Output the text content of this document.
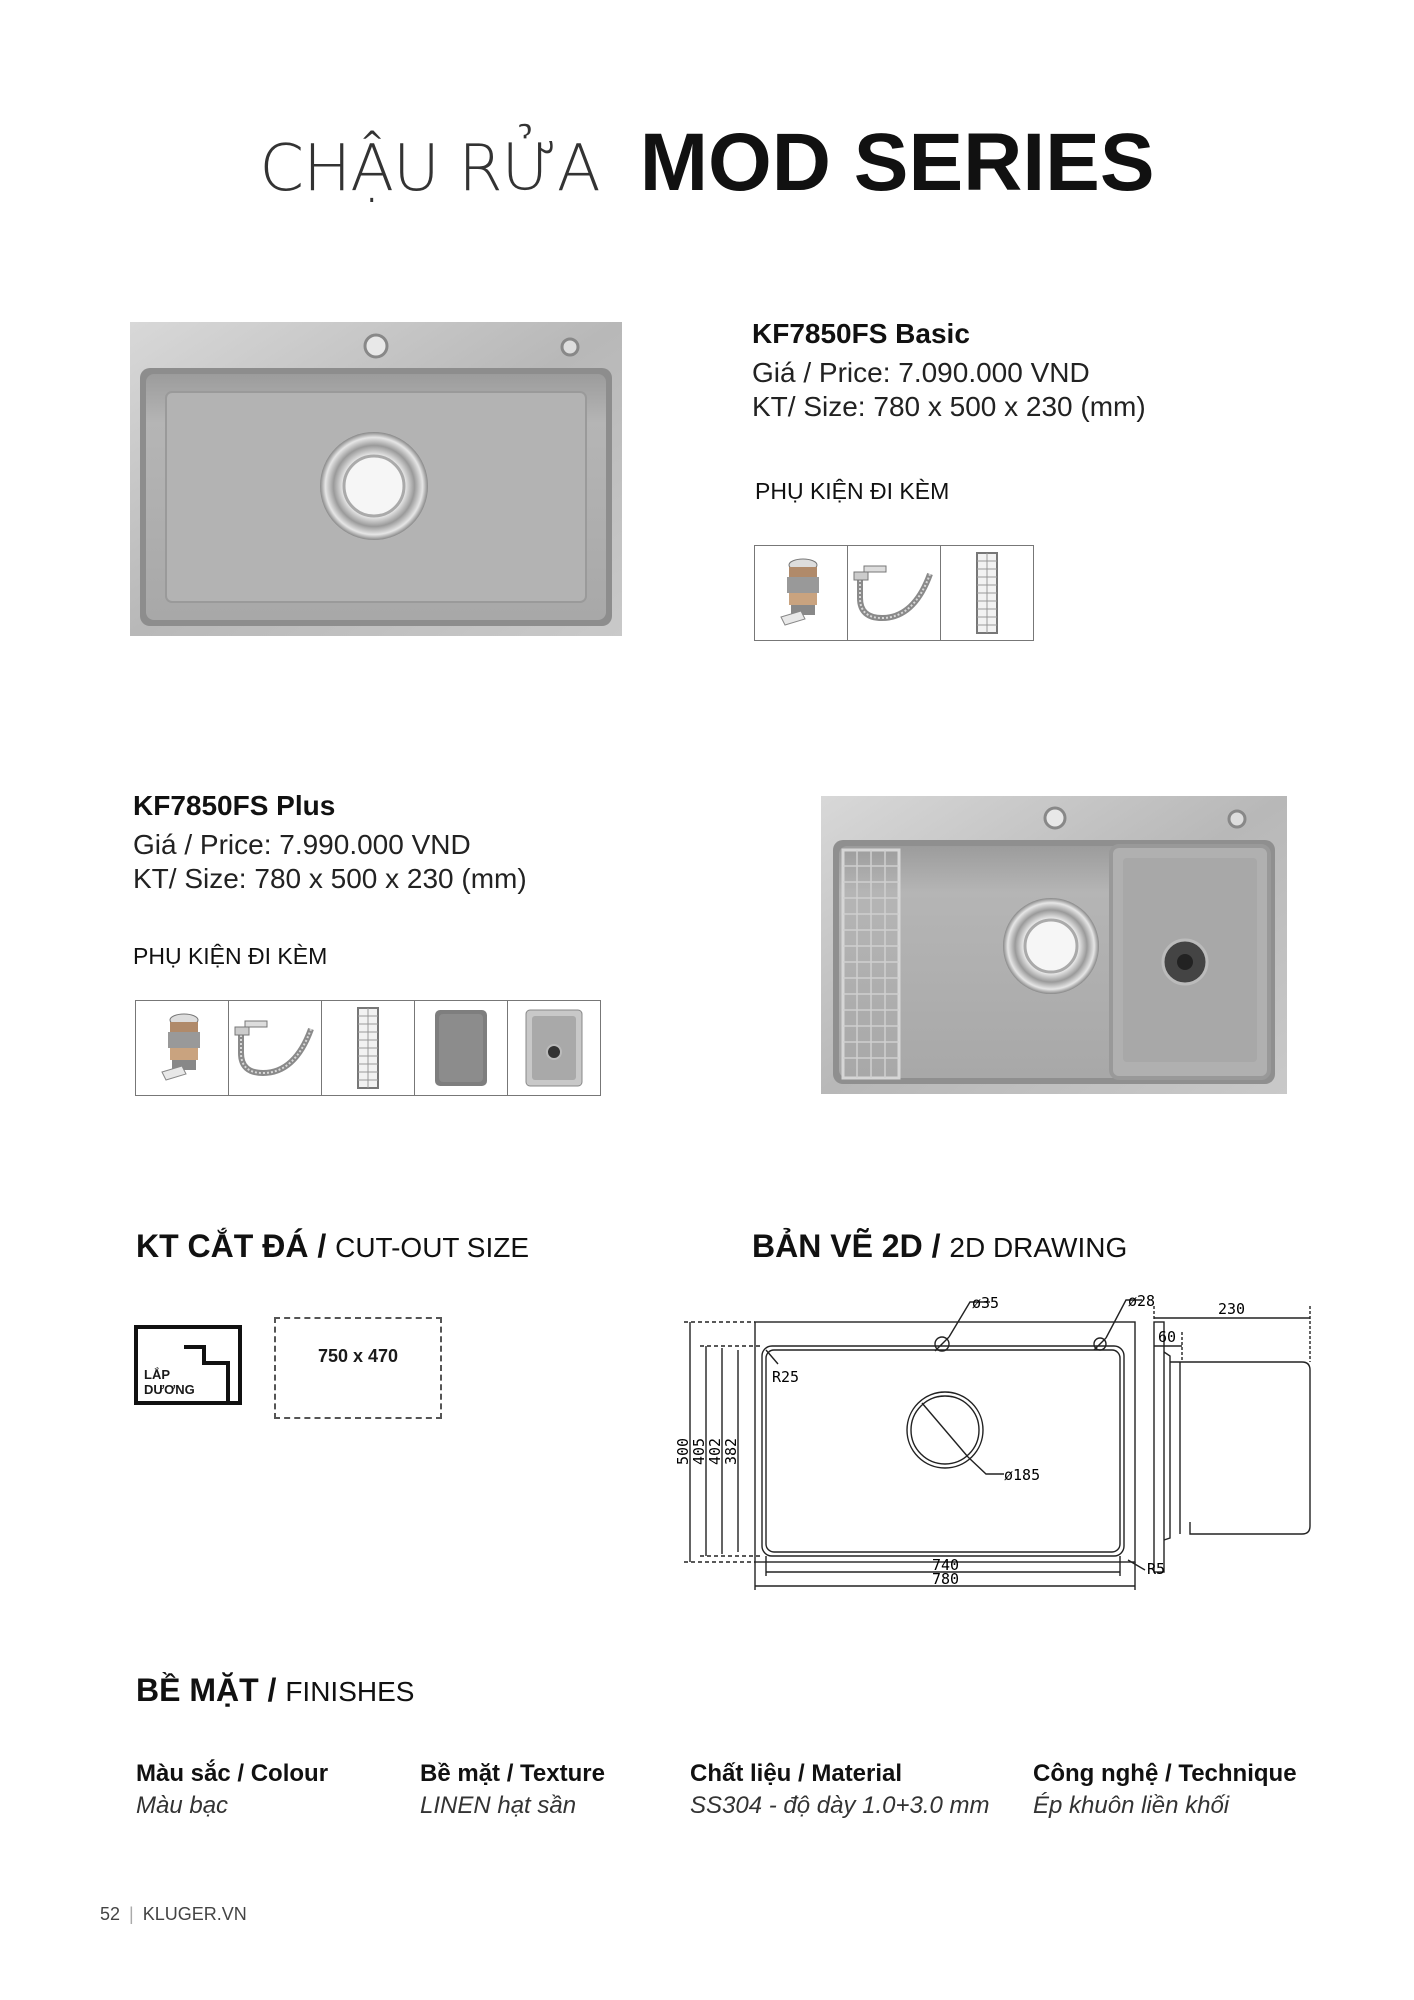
CHẬU RỬA MOD SERIES
KF7850FS Basic
Giá / Price: 7.090.000 VND
KT/ Size: 780 x 500 x 230 (mm)
PHỤ KIỆN ĐI KÈM
KF7850FS Plus
Giá / Price: 7.990.000 VND
KT/ Size: 780 x 500 x 230 (mm)
PHỤ KIỆN ĐI KÈM
KT CẮT ĐÁ / CUT-OUT SIZE
LẮP
DƯƠNG
750 x 470
BẢN VẼ 2D / 2D DRAWING
ø35	ø28
R25
ø185
500
405
402
382
740
780
R5
230
60
BỀ MẶT / FINISHES
Màu sắc / Colour
Màu bạc
Bề mặt / Texture
LINEN hạt sần
Chất liệu / Material
SS304 - độ dày 1.0+3.0 mm
Công nghệ / Technique
Ép khuôn liền khối
52 | KLUGER.VN
